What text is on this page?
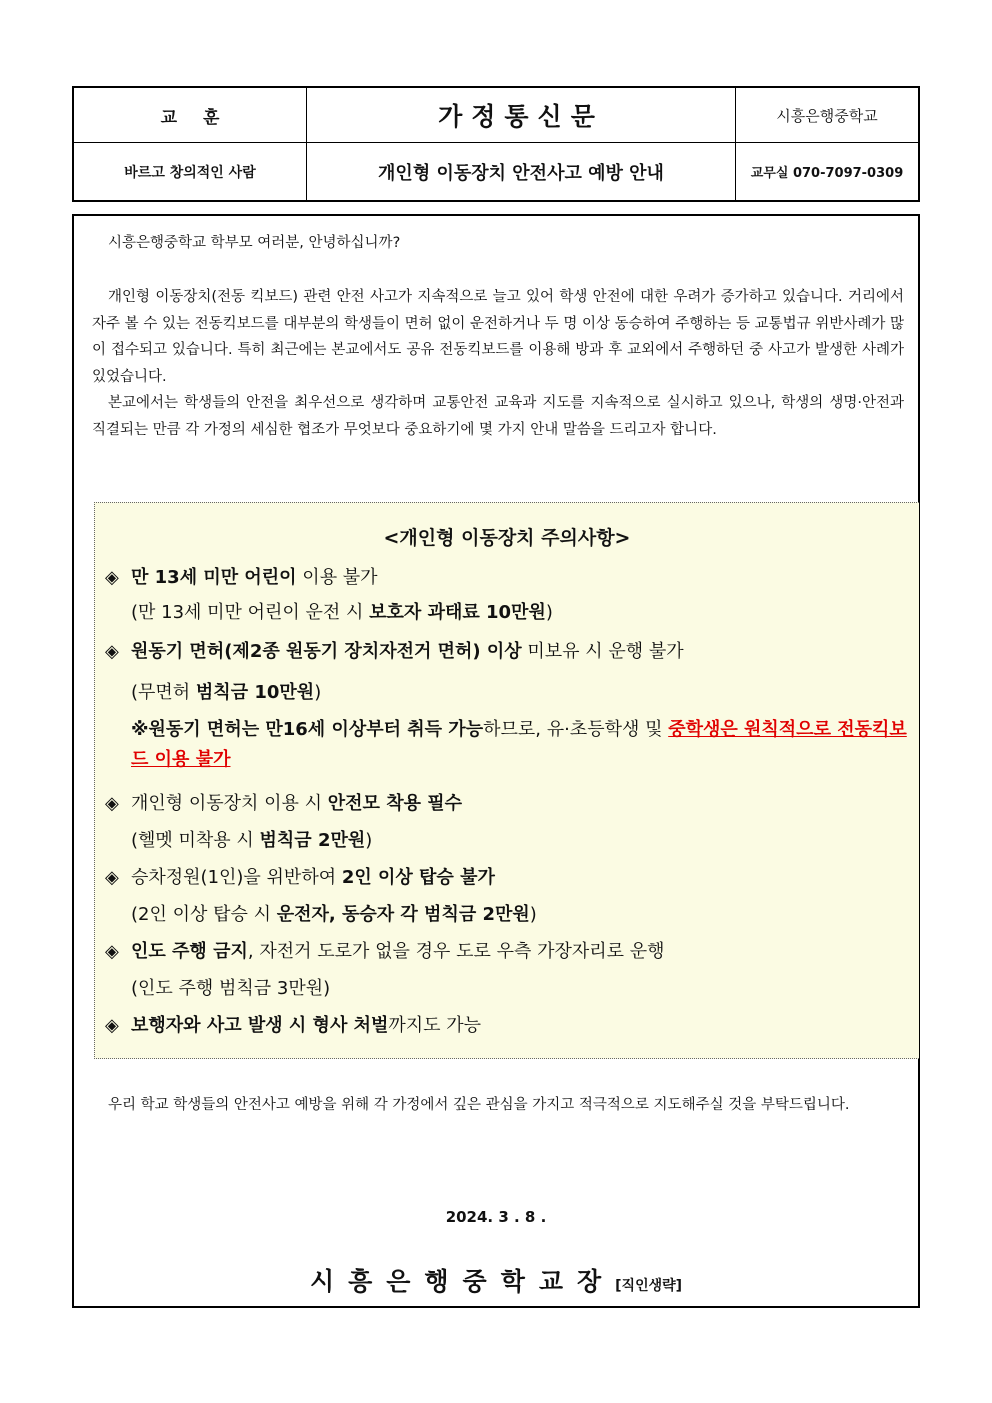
교훈	가정통신문	시흥은행중학교
바르고 창의적인 사람	개인형 이동장치 안전사고 예방 안내	교무실 070-7097-0309

시흥은행중학교 학부모 여러분, 안녕하십니까?

개인형 이동장치(전동 킥보드) 관련 안전 사고가 지속적으로 늘고 있어 학생 안전에 대한 우려가 증가하고 있습니다. 거리에서 자주 볼 수 있는 전동킥보드를 대부분의 학생들이 면허 없이 운전하거나 두 명 이상 동승하여 주행하는 등 교통법규 위반사례가 많이 접수되고 있습니다. 특히 최근에는 본교에서도 공유 전동킥보드를 이용해 방과 후 교외에서 주행하던 중 사고가 발생한 사례가 있었습니다.

본교에서는 학생들의 안전을 최우선으로 생각하며 교통안전 교육과 지도를 지속적으로 실시하고 있으나, 학생의 생명·안전과 직결되는 만큼 각 가정의 세심한 협조가 무엇보다 중요하기에 몇 가지 안내 말씀을 드리고자 합니다.

<개인형 이동장치 주의사항>
◈ 만 13세 미만 어린이 이용 불가
(만 13세 미만 어린이 운전 시 보호자 과태료 10만원)
◈ 원동기 면허(제2종 원동기 장치자전거 면허) 이상 미보유 시 운행 불가
(무면허 범칙금 10만원)
※원동기 면허는 만16세 이상부터 취득 가능하므로, 유·초등학생 및 중학생은 원칙적으로 전동킥보드 이용 불가
◈ 개인형 이동장치 이용 시 안전모 착용 필수
(헬멧 미착용 시 범칙금 2만원)
◈ 승차정원(1인)을 위반하여 2인 이상 탑승 불가
(2인 이상 탑승 시 운전자, 동승자 각 범칙금 2만원)
◈ 인도 주행 금지, 자전거 도로가 없을 경우 도로 우측 가장자리로 운행
(인도 주행 범칙금 3만원)
◈ 보행자와 사고 발생 시 형사 처벌까지도 가능

우리 학교 학생들의 안전사고 예방을 위해 각 가정에서 깊은 관심을 가지고 적극적으로 지도해주실 것을 부탁드립니다.

2024. 3 . 8 .
시흥은행중학교장[직인생략]
